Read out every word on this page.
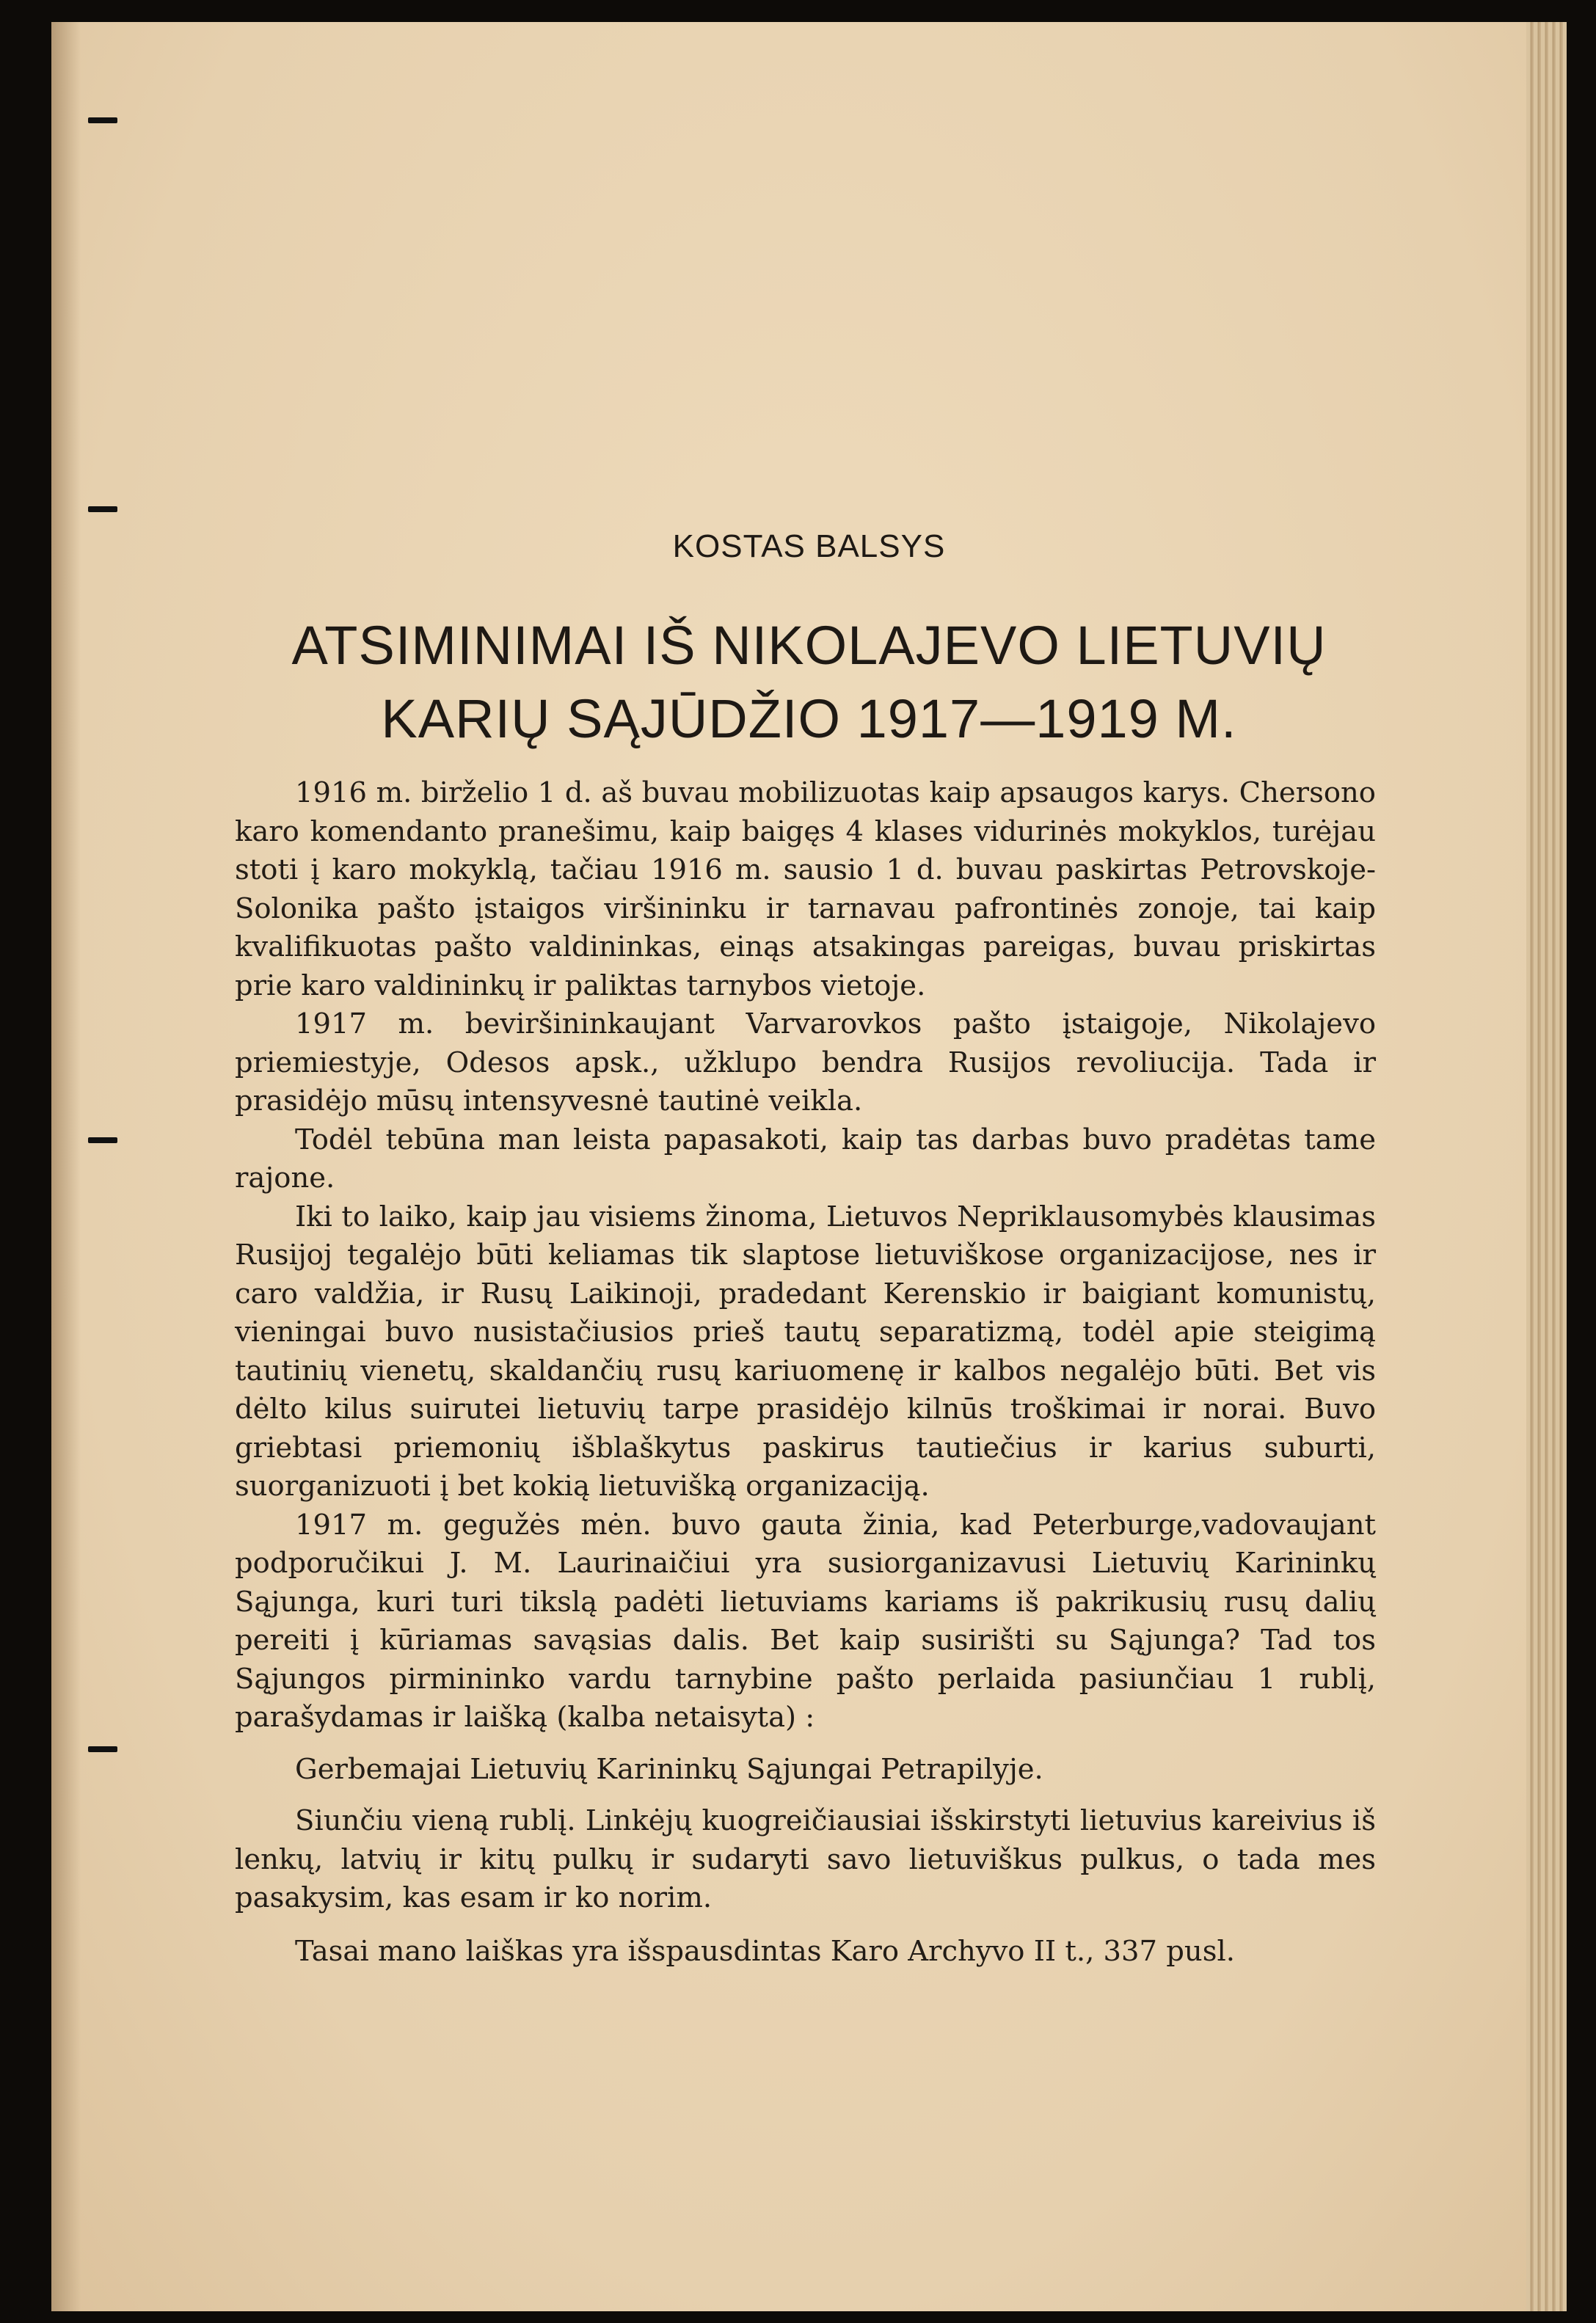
KOSTAS BALSYS

ATSIMINIMAI IŠ NIKOLAJEVO LIETUVIŲ
KARIŲ SĄJŪDŽIO 1917—1919 M.

1916 m. birželio 1 d. aš buvau mobilizuotas kaip apsaugos karys. Chersono karo komendanto pranešimu, kaip baigęs 4 klases vidurinės mokyklos, turėjau stoti į karo mokyklą, tačiau 1916 m. sausio 1 d. buvau paskirtas Petrovskoje-Solonika pašto įstaigos viršininku ir tarnavau pafrontinės zonoje, tai kaip kvalifikuotas pašto valdininkas, einąs atsakingas pareigas, buvau priskirtas prie karo valdininkų ir paliktas tarnybos vietoje.

1917 m. beviršininkaujant Varvarovkos pašto įstaigoje, Nikolajevo priemiestyje, Odesos apsk., užklupo bendra Rusijos revoliucija. Tada ir prasidėjo mūsų intensyvesnė tautinė veikla.

Todėl tebūna man leista papasakoti, kaip tas darbas buvo pradėtas tame rajone.

Iki to laiko, kaip jau visiems žinoma, Lietuvos Nepriklausomybės klausimas Rusijoj tegalėjo būti keliamas tik slaptose lietuviškose organizacijose, nes ir caro valdžia, ir Rusų Laikinoji, pradedant Kerenskio ir baigiant komunistų, vieningai buvo nusistačiusios prieš tautų separatizmą, todėl apie steigimą tautinių vienetų, skaldančių rusų kariuomenę ir kalbos negalėjo būti. Bet vis dėlto kilus suirutei lietuvių tarpe prasidėjo kilnūs troškimai ir norai. Buvo griebtasi priemonių išblaškytus paskirus tautiečius ir karius suburti, suorganizuoti į bet kokią lietuvišką organizaciją.

1917 m. gegužės mėn. buvo gauta žinia, kad Peterburge,vadovaujant podporučikui J. M. Laurinaičiui yra susiorganizavusi Lietuvių Karininkų Sąjunga, kuri turi tikslą padėti lietuviams kariams iš pakrikusių rusų dalių pereiti į kūriamas savąsias dalis. Bet kaip susirišti su Sąjunga? Tad tos Sąjungos pirmininko vardu tarnybine pašto perlaida pasiunčiau 1 rublį, parašydamas ir laišką (kalba netaisyta) :

Gerbemajai Lietuvių Karininkų Sąjungai Petrapilyje.

Siunčiu vieną rublį. Linkėjų kuogreičiausiai išskirstyti lietuvius kareivius iš lenkų, latvių ir kitų pulkų ir sudaryti savo lietuviškus pulkus, o tada mes pasakysim, kas esam ir ko norim.

Tasai mano laiškas yra išspausdintas Karo Archyvo II t., 337 pusl.
